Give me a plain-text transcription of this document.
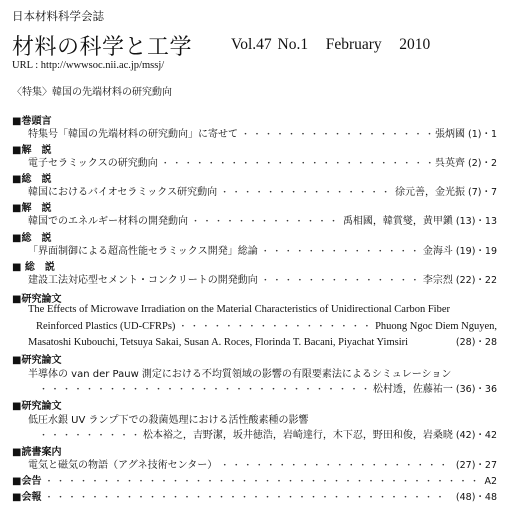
日本材料科学会誌
材料の科学と工学	Vol.47 No.1 February 2010
URL : http://wwwsoc.nii.ac.jp/mssj/
〈特集〉韓国の先端材料の研究動向
■巻頭言
特集号「韓国の先端材料の研究動向」に寄せて ・・・・・・・・・・・・・・・・・・・・・・・・・・・・・・・・・・・・・・・・・・・・・・・・・・・・・・・・・・・・・・・・・・・・・・・・・・・・・・・・・・・・・・	張炳國 (1)・1
■解　説
電子セラミックスの研究動向 ・・・・・・・・・・・・・・・・・・・・・・・・・・・・・・・・・・・・・・・・・・・・・・・・・・・・・・・・・・・・・・・・・・・・・・・・・・・・・・・・・・・・・・	呉英齊 (2)・2
■総　説
韓国におけるバイオセラミックス研究動向 ・・・・・・・・・・・・・・・・・・・・・・・・・・・・・・・・・・・・・・・・・・・・・・・・・・・・・・・・・・・・・・・・・・・・・・・・・・・・・・・・・・・・・・	徐元善，金光振 (7)・7
■解　説
韓国でのエネルギー材料の開発動向 ・・・・・・・・・・・・・・・・・・・・・・・・・・・・・・・・・・・・・・・・・・・・・・・・・・・・・・・・・・・・・・・・・・・・・・・・・・・・・・・・・・・・・・	禹相國，韓賞燮，黄甲鎭 (13)・13
■総　説
「界面制御による超高性能セラミックス開発」総論 ・・・・・・・・・・・・・・・・・・・・・・・・・・・・・・・・・・・・・・・・・・・・・・・・・・・・・・・・・・・・・・・・・・・・・・・・・・・・・・・・・・・・・・	金海斗 (19)・19
■ 総　説
建設工法対応型セメント・コンクリートの開発動向 ・・・・・・・・・・・・・・・・・・・・・・・・・・・・・・・・・・・・・・・・・・・・・・・・・・・・・・・・・・・・・・・・・・・・・・・・・・・・・・・・・・・・・・	李宗烈 (22)・22
■研究論文
The Effects of Microwave Irradiation on the Material Characteristics of Unidirectional Carbon Fiber
Reinforced Plastics (UD-CFRPs) ・・・・・・・・・・・・・・・・・・・・・・・・・・・・・・・・・・・・・・・・・・・・・・・・・・・・・・・・・・・・・・・・・・・・・・・・・・・・・・・・・・・・・・	Phuong Ngoc Diem Nguyen,
Masatoshi Kubouchi, Tetsuya Sakai, Susan A. Roces, Florinda T. Bacani, Piyachat Yimsiri ・・・・・・・・・・・・・・・・・・・・・・・・・・・・・・・・・・・・・・・・・・・・・・・・・・・・・・・・・・・・・・・・・・・・・・・・・・・・・・・・・・・・・・	(28)・28
■研究論文
半導体の van der Pauw 測定における不均質領域の影響の有限要素法によるシミュレーション
・・・・・・・・・・・・・・・・・・・・・・・・・・・・・・・・・・・・・・・・・・・・・・・・・・・・・・・・・・・・・・・・・・・・・・・・・・・・・・・・・・・・・・
松村透，佐藤祐一 (36)・36
■研究論文
低圧水銀 UV ランプ下での殺菌処理における活性酸素種の影響
・・・・・・・・・・・・・・・・・・・・・・・・・・・・・・・・・・・・・・・・・・・・・・・・・・・・・・・・・・・・・・・・・・・・・・・・・・・・・・・・・・・・・・
松本裕之，吉野潔，坂井徳浩，岩崎達行，木下忍，野田和俊，岩桑晓 (42)・42
■読書案内
電気と磁気の物語（アグネ技術センター） ・・・・・・・・・・・・・・・・・・・・・・・・・・・・・・・・・・・・・・・・・・・・・・・・・・・・・・・・・・・・・・・・・・・・・・・・・・・・・・・・・・・・・・	(27)・27
■会告 ・・・・・・・・・・・・・・・・・・・・・・・・・・・・・・・・・・・・・・・・・・・・・・・・・・・・・・・・・・・・・・・・・・・・・・・・・・・・・・・・・・・・・・	A2
■会報 ・・・・・・・・・・・・・・・・・・・・・・・・・・・・・・・・・・・・・・・・・・・・・・・・・・・・・・・・・・・・・・・・・・・・・・・・・・・・・・・・・・・・・・	(48)・48
